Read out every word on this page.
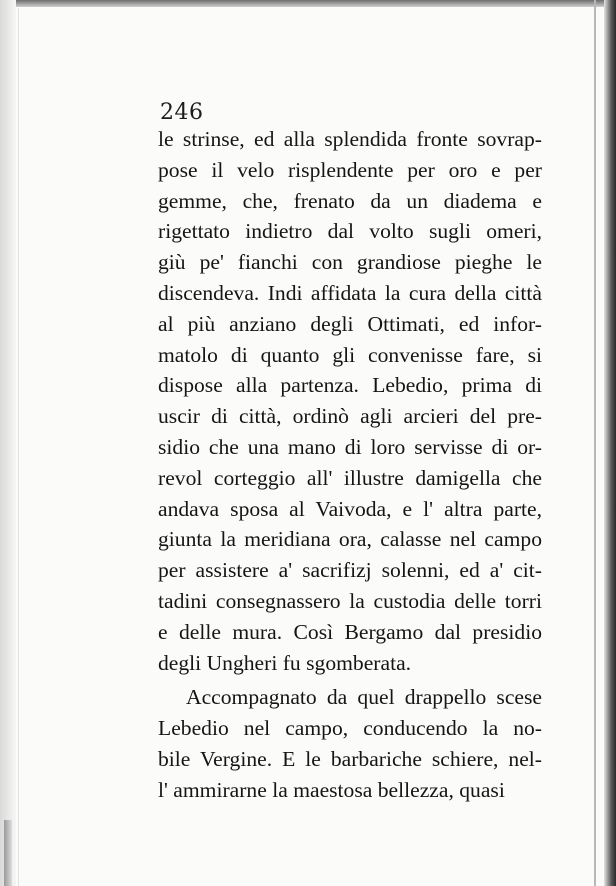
246
le strinse, ed alla splendida fronte sovrap-
pose il velo risplendente per oro e per
gemme, che, frenato da un diadema e
rigettato indietro dal volto sugli omeri,
giù pe' fianchi con grandiose pieghe le
discendeva. Indi affidata la cura della città
al più anziano degli Ottimati, ed infor-
matolo di quanto gli convenisse fare, si
dispose alla partenza. Lebedio, prima di
uscir di città, ordinò agli arcieri del pre-
sidio che una mano di loro servisse di or-
revol corteggio all' illustre damigella che
andava sposa al Vaivoda, e l' altra parte,
giunta la meridiana ora, calasse nel campo
per assistere a' sacrifizj solenni, ed a' cit-
tadini consegnassero la custodia delle torri
e delle mura. Così Bergamo dal presidio
degli Ungheri fu sgomberata.
Accompagnato da quel drappello scese
Lebedio nel campo, conducendo la no-
bile Vergine. E le barbariche schiere, nel-
l' ammirarne la maestosa bellezza, quasi
